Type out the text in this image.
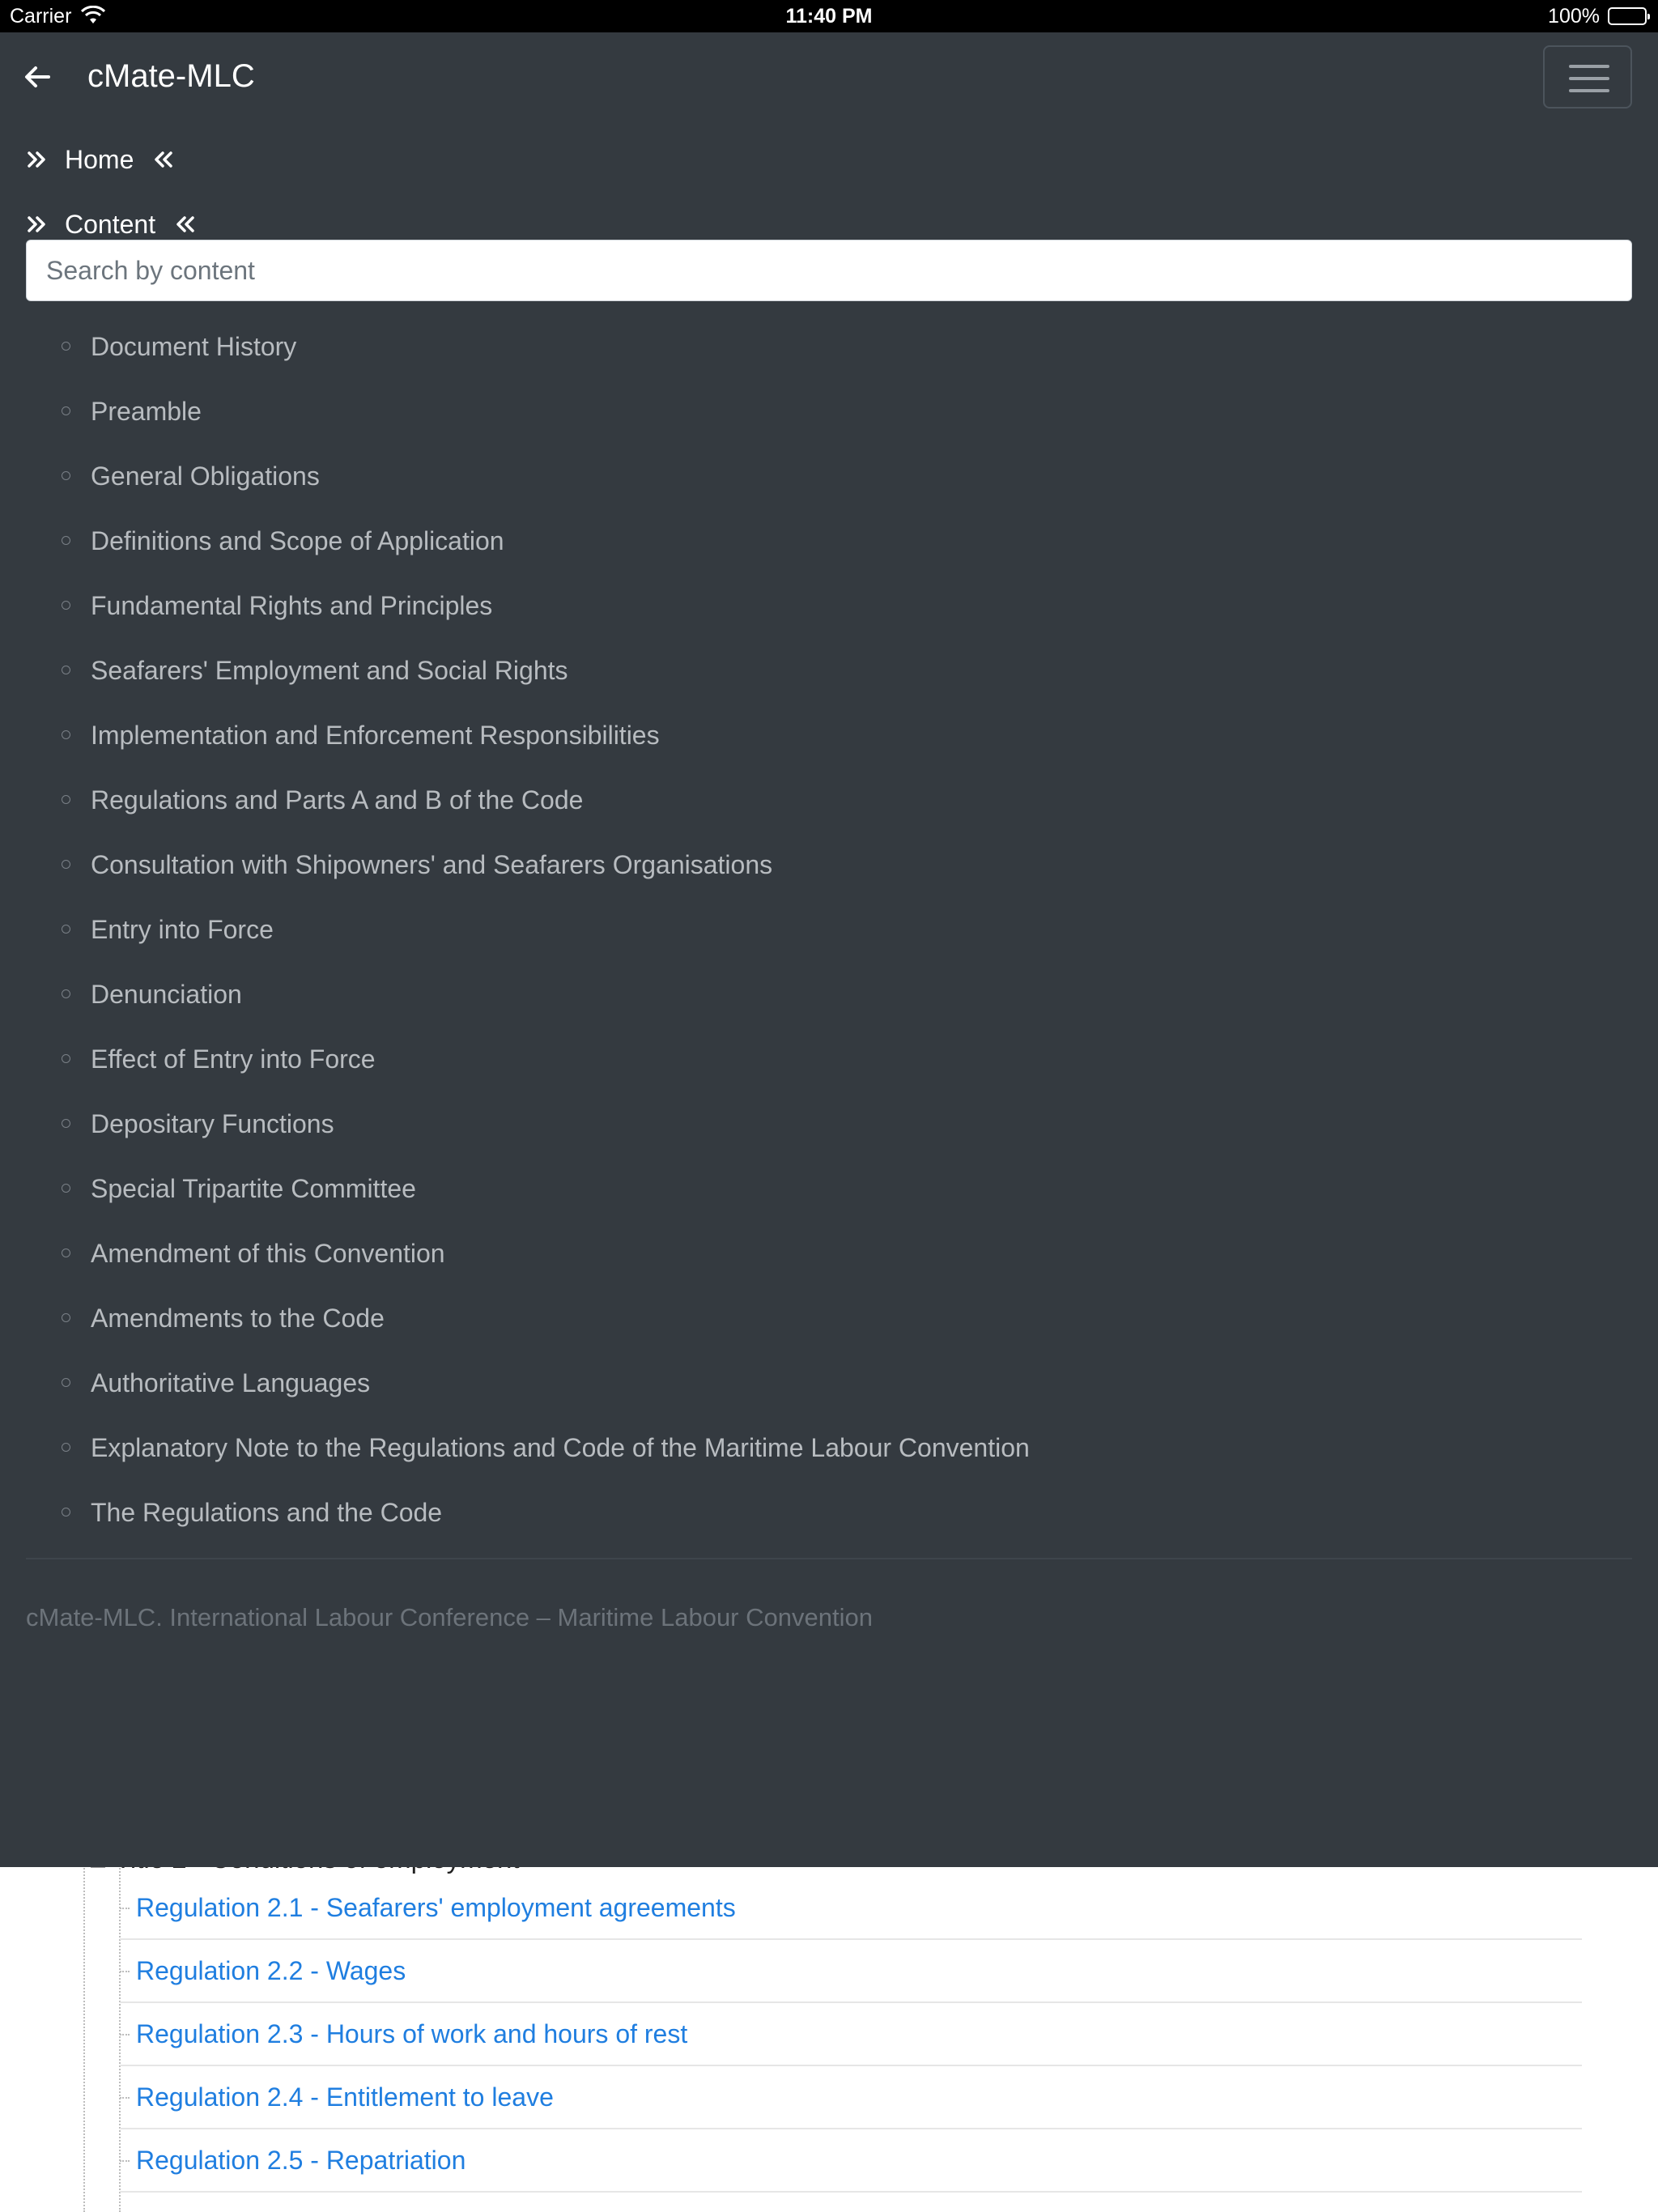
Regulation 2.1 - Seafarers' employment agreements
Regulation 2.2 - Wages
Regulation 2.3 - Hours of work and hours of rest
Regulation 2.4 - Entitlement to leave
Regulation 2.5 - Repatriation
Carrier	11:40 PM	100%
cMate-MLC
Home
Content
Search by content
Document History
Preamble
General Obligations
Definitions and Scope of Application
Fundamental Rights and Principles
Seafarers' Employment and Social Rights
Implementation and Enforcement Responsibilities
Regulations and Parts A and B of the Code
Consultation with Shipowners' and Seafarers Organisations
Entry into Force
Denunciation
Effect of Entry into Force
Depositary Functions
Special Tripartite Committee
Amendment of this Convention
Amendments to the Code
Authoritative Languages
Explanatory Note to the Regulations and Code of the Maritime Labour Convention
The Regulations and the Code
cMate-MLC. International Labour Conference – Maritime Labour Convention
